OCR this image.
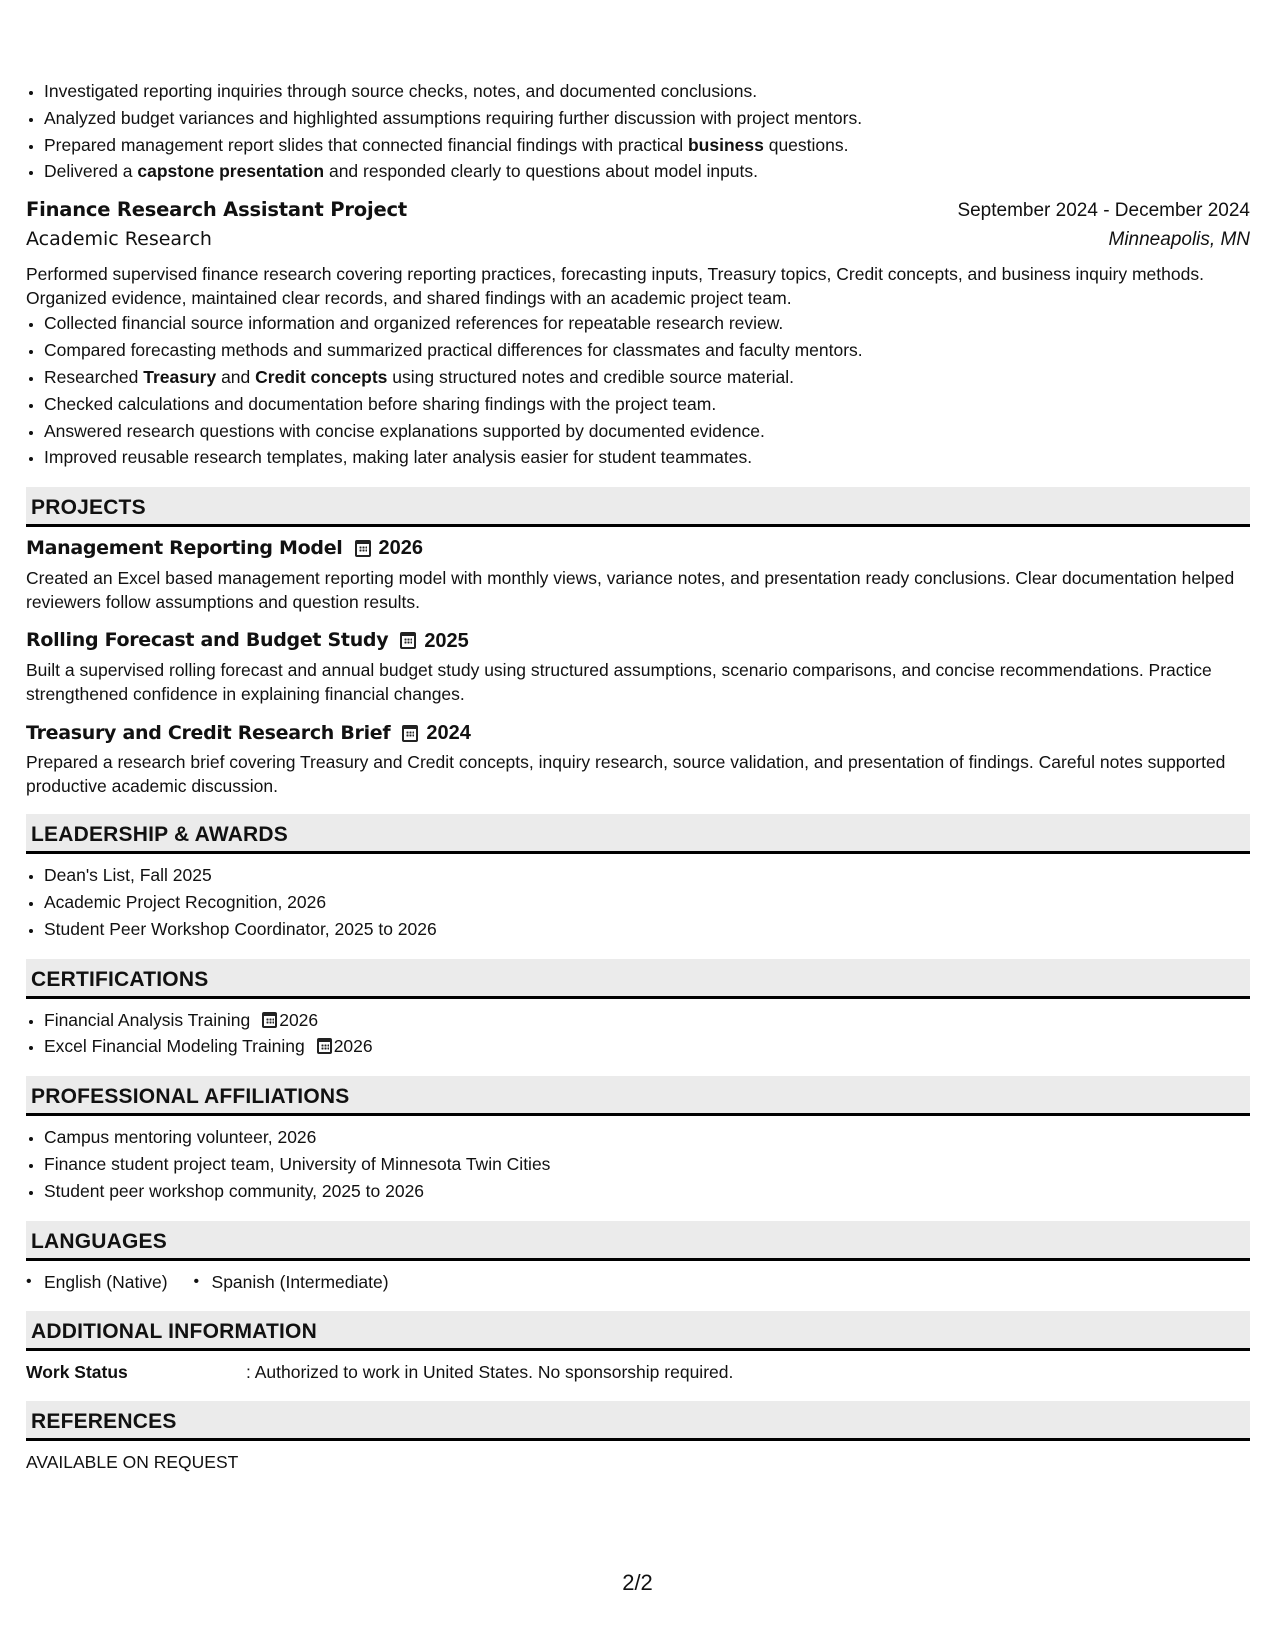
• Investigated reporting inquiries through source checks, notes, and documented conclusions.
• Analyzed budget variances and highlighted assumptions requiring further discussion with project mentors.
• Prepared management report slides that connected financial findings with practical business questions.
• Delivered a capstone presentation and responded clearly to questions about model inputs.
Finance Research Assistant Project	September 2024 - December 2024
Academic Research	Minneapolis, MN

Performed supervised finance research covering reporting practices, forecasting inputs, Treasury topics, Credit concepts, and business inquiry methods. Organized evidence, maintained clear records, and shared findings with an academic project team.

• Collected financial source information and organized references for repeatable research review.
• Compared forecasting methods and summarized practical differences for classmates and faculty mentors.
• Researched Treasury and Credit concepts using structured notes and credible source material.
• Checked calculations and documentation before sharing findings with the project team.
• Answered research questions with concise explanations supported by documented evidence.
• Improved reusable research templates, making later analysis easier for student teammates.
PROJECTS
Management Reporting Model 2026

Created an Excel based management reporting model with monthly views, variance notes, and presentation ready conclusions. Clear documentation helped reviewers follow assumptions and question results.

Rolling Forecast and Budget Study 2025

Built a supervised rolling forecast and annual budget study using structured assumptions, scenario comparisons, and concise recommendations. Practice strengthened confidence in explaining financial changes.

Treasury and Credit Research Brief 2024

Prepared a research brief covering Treasury and Credit concepts, inquiry research, source validation, and presentation of findings. Careful notes supported productive academic discussion.

LEADERSHIP & AWARDS
• Dean's List, Fall 2025
• Academic Project Recognition, 2026
• Student Peer Workshop Coordinator, 2025 to 2026
CERTIFICATIONS
• Financial Analysis Training 2026
• Excel Financial Modeling Training 2026
PROFESSIONAL AFFILIATIONS
• Campus mentoring volunteer, 2026
• Finance student project team, University of Minnesota Twin Cities
• Student peer workshop community, 2025 to 2026
LANGUAGES
• English (Native)
•	Spanish (Intermediate)
ADDITIONAL INFORMATION
Work Status	: Authorized to work in United States. No sponsorship required.
REFERENCES
AVAILABLE ON REQUEST
2/2
